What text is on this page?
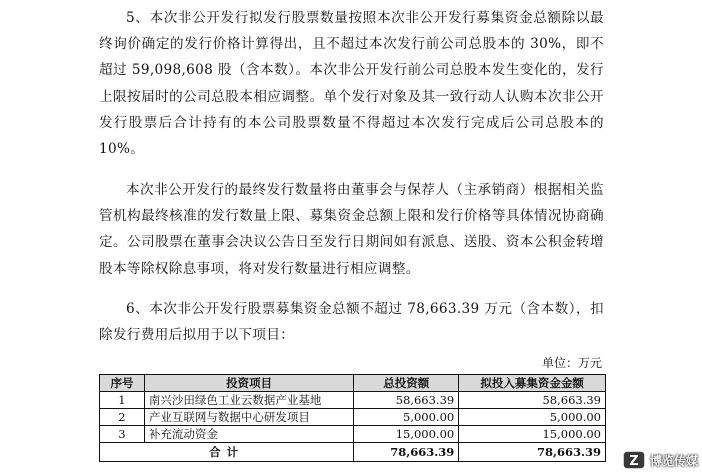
5、本次非公开发行拟发行股票数量按照本次非公开发行募集资金总额除以最终询价确定的发行价格计算得出，且不超过本次发行前公司总股本的 30%，即不超过 59,098,608 股（含本数）。本次非公开发行前公司总股本发生变化的，发行上限按届时的公司总股本相应调整。单个发行对象及其一致行动人认购本次非公开发行股票后合计持有的本公司股票数量不得超过本次发行完成后公司总股本的 10%。

本次非公开发行的最终发行数量将由董事会与保荐人（主承销商）根据相关监管机构最终核准的发行数量上限、募集资金总额上限和发行价格等具体情况协商确定。公司股票在董事会决议公告日至发行日期间如有派息、送股、资本公积金转增股本等除权除息事项，将对发行数量进行相应调整。

6、本次非公开发行股票募集资金总额不超过 78,663.39 万元（含本数），扣除发行费用后拟用于以下项目：

单位：万元
序号	投资项目	总投资额	拟投入募集资金金额
1	南兴沙田绿色工业云数据产业基地	58,663.39	58,663.39
2	产业互联网与数据中心研发项目	5,000.00	5,000.00
3	补充流动资金	15,000.00	15,000.00
合计		78,663.39	78,663.39
Z 博览传媒
